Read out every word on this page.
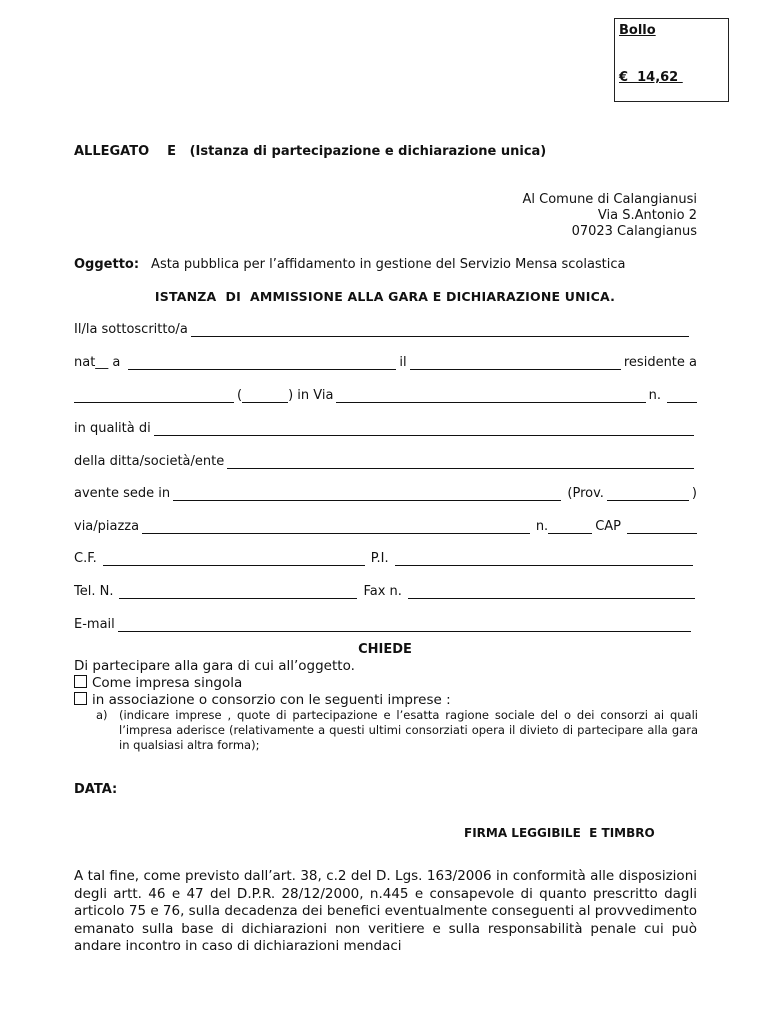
Bollo
€  14,62
ALLEGATO E   (Istanza di partecipazione e dichiarazione unica)
Al Comune di Calangianusi
Via S.Antonio 2
07023 Calangianus
Oggetto: Asta pubblica per l’affidamento in gestione del Servizio Mensa scolastica
ISTANZA  DI  AMMISSIONE ALLA GARA E DICHIARAZIONE UNICA.
Il/la sottoscritto/a
nat__ a	il	residente a
(	) in Via	n.
in qualità di
della ditta/società/ente
avente sede in	(Prov.	)
via/piazza	n.	CAP
C.F.	P.I.
Tel. N.	Fax n.
E-mail
CHIEDE
Di partecipare alla gara di cui all’oggetto.
Come impresa singola
in associazione o consorzio con le seguenti imprese :
a) (indicare imprese , quote di partecipazione e l’esatta ragione sociale del o dei consorzi ai quali l’impresa aderisce (relativamente a questi ultimi consorziati opera il divieto di partecipare alla gara in qualsiasi altra forma);
DATA:
FIRMA LEGGIBILE  E TIMBRO
A tal fine, come previsto dall’art. 38, c.2 del D. Lgs. 163/2006 in conformità alle disposizioni degli artt. 46 e 47 del D.P.R. 28/12/2000, n.445 e consapevole di quanto prescritto dagli articolo 75 e 76, sulla decadenza dei benefici eventualmente conseguenti al provvedimento emanato sulla base di dichiarazioni non veritiere e sulla responsabilità penale cui può andare incontro in caso di dichiarazioni mendaci
